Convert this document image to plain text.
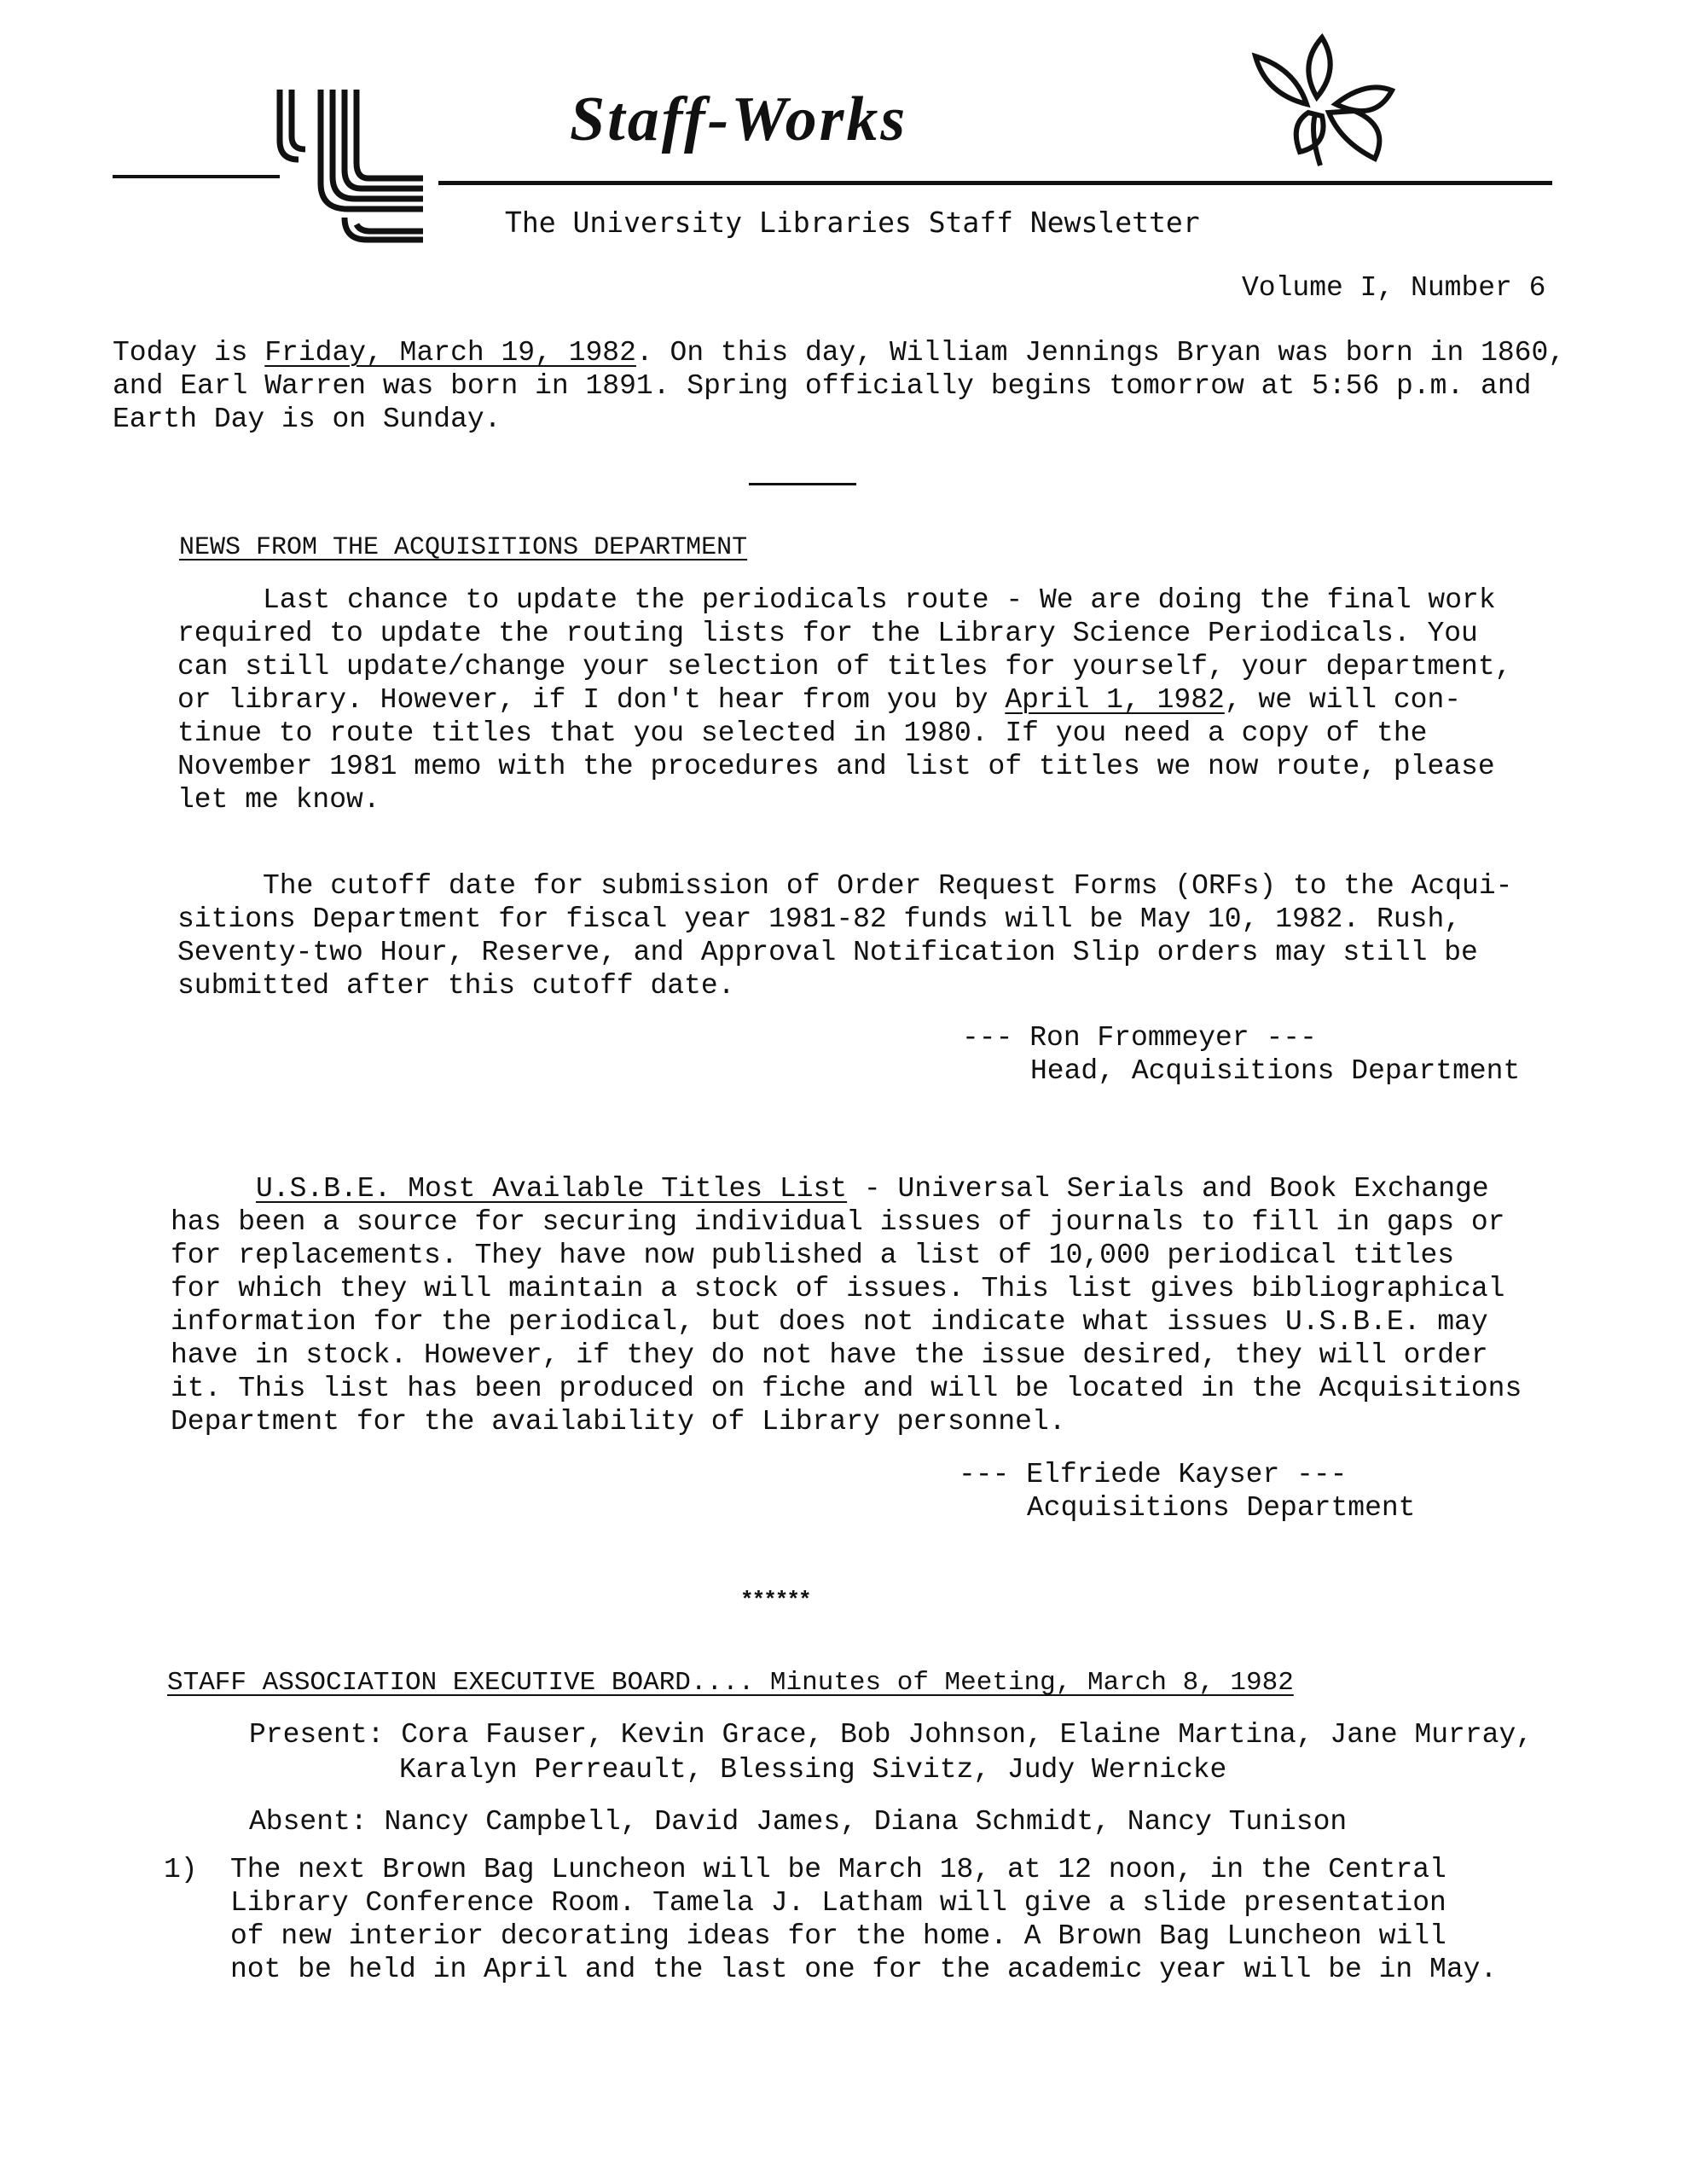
Staff-Works
The University Libraries Staff Newsletter
Volume I, Number 6
Today is Friday, March 19, 1982. On this day, William Jennings Bryan was born in 1860,
and Earl Warren was born in 1891. Spring officially begins tomorrow at 5:56 p.m. and
Earth Day is on Sunday.
NEWS FROM THE ACQUISITIONS DEPARTMENT
Last chance to update the periodicals route - We are doing the final work
required to update the routing lists for the Library Science Periodicals. You
can still update/change your selection of titles for yourself, your department,
or library. However, if I don't hear from you by April 1, 1982, we will con-
tinue to route titles that you selected in 1980. If you need a copy of the
November 1981 memo with the procedures and list of titles we now route, please
let me know.
The cutoff date for submission of Order Request Forms (ORFs) to the Acqui-
sitions Department for fiscal year 1981-82 funds will be May 10, 1982. Rush,
Seventy-two Hour, Reserve, and Approval Notification Slip orders may still be
submitted after this cutoff date.
--- Ron Frommeyer ---
Head, Acquisitions Department
U.S.B.E. Most Available Titles List - Universal Serials and Book Exchange
has been a source for securing individual issues of journals to fill in gaps or
for replacements. They have now published a list of 10,000 periodical titles
for which they will maintain a stock of issues. This list gives bibliographical
information for the periodical, but does not indicate what issues U.S.B.E. may
have in stock. However, if they do not have the issue desired, they will order
it. This list has been produced on fiche and will be located in the Acquisitions
Department for the availability of Library personnel.
--- Elfriede Kayser ---
Acquisitions Department
******
STAFF ASSOCIATION EXECUTIVE BOARD.... Minutes of Meeting, March 8, 1982
Present: Cora Fauser, Kevin Grace, Bob Johnson, Elaine Martina, Jane Murray,
Karalyn Perreault, Blessing Sivitz, Judy Wernicke
Absent: Nancy Campbell, David James, Diana Schmidt, Nancy Tunison
1) The next Brown Bag Luncheon will be March 18, at 12 noon, in the Central
Library Conference Room. Tamela J. Latham will give a slide presentation
of new interior decorating ideas for the home. A Brown Bag Luncheon will
not be held in April and the last one for the academic year will be in May.
